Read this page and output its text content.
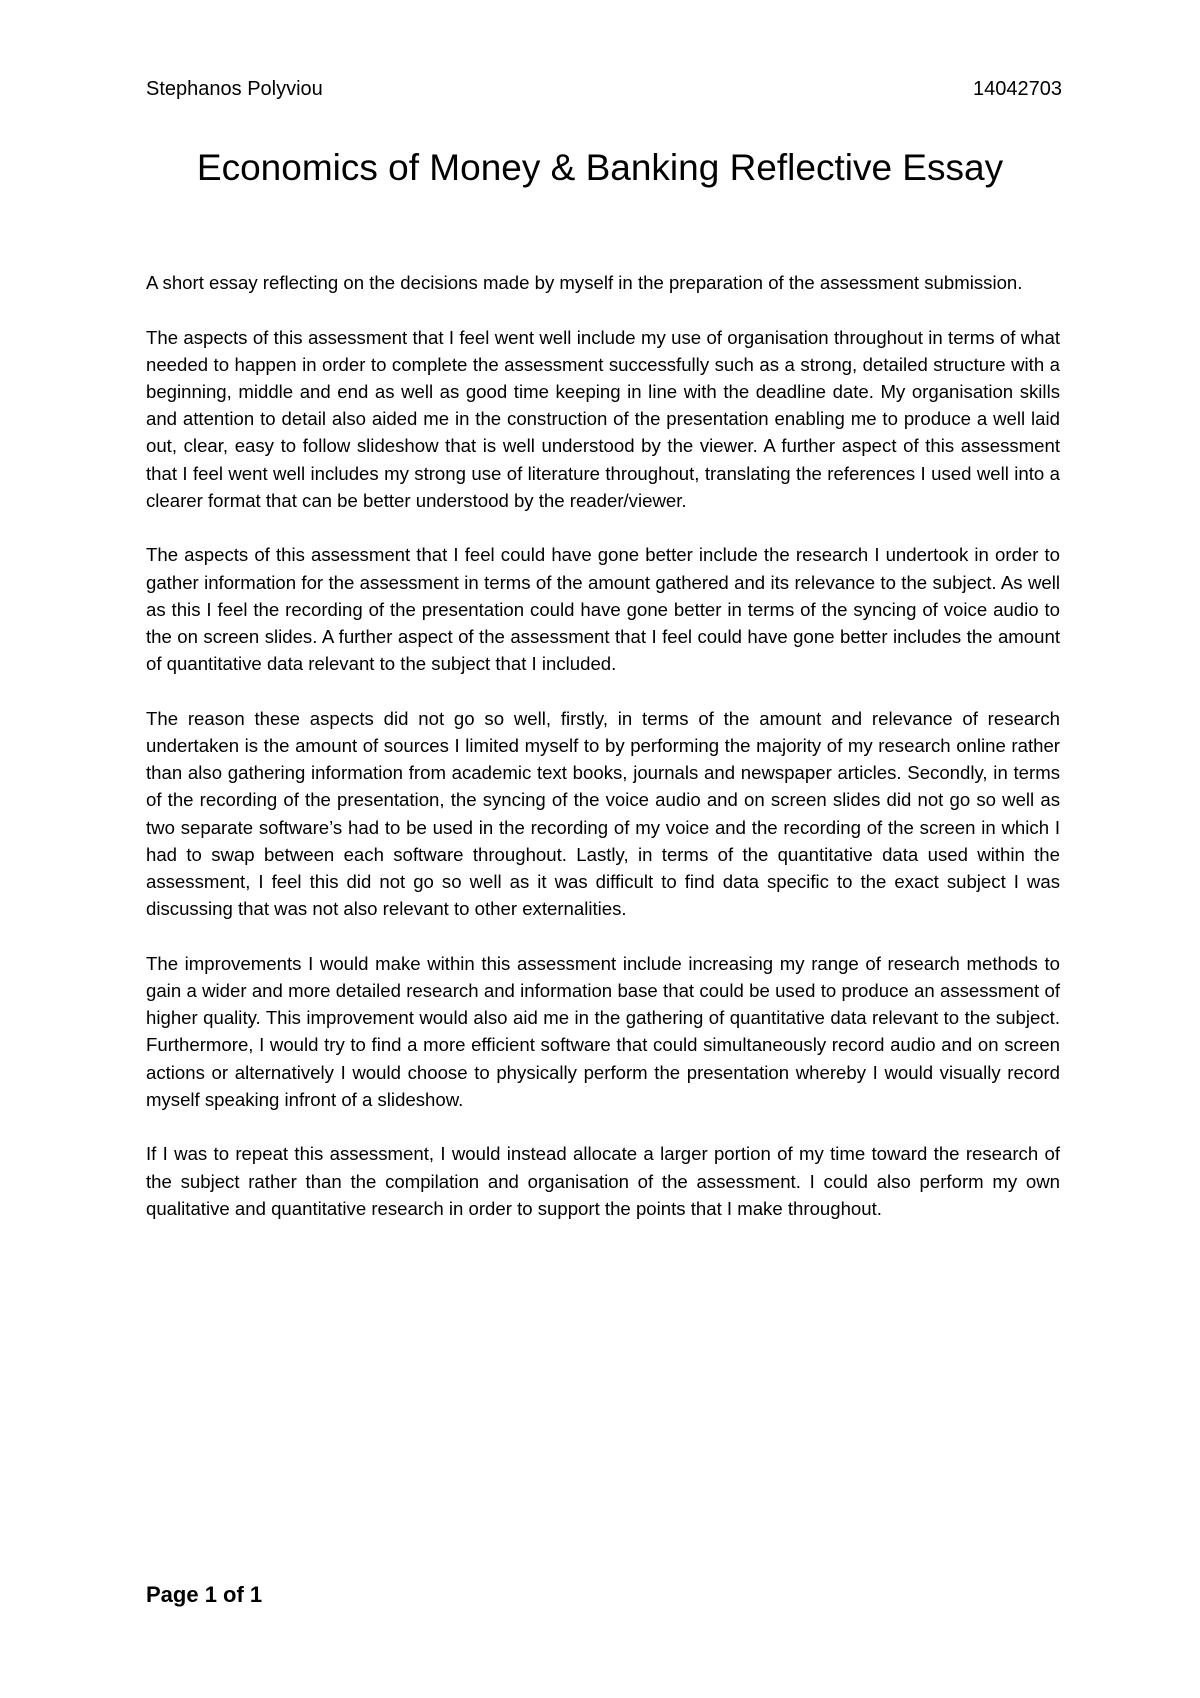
Stephanos Polyviou	14042703
Economics of Money & Banking Reflective Essay

A short essay reflecting on the decisions made by myself in the preparation of the assessment submission.

The aspects of this assessment that I feel went well include my use of organisation throughout in terms of what needed to happen in order to complete the assessment successfully such as a strong, detailed structure with a beginning, middle and end as well as good time keeping in line with the deadline date. My organisation skills and attention to detail also aided me in the construction of the presentation enabling me to produce a well laid out, clear, easy to follow slideshow that is well understood by the viewer. A further aspect of this assessment that I feel went well includes my strong use of literature throughout, translating the references I used well into a clearer format that can be better understood by the reader/viewer.

The aspects of this assessment that I feel could have gone better include the research I undertook in order to gather information for the assessment in terms of the amount gathered and its relevance to the subject. As well as this I feel the recording of the presentation could have gone better in terms of the syncing of voice audio to the on screen slides. A further aspect of the assessment that I feel could have gone better includes the amount of quantitative data relevant to the subject that I included.

The reason these aspects did not go so well, firstly, in terms of the amount and relevance of research undertaken is the amount of sources I limited myself to by performing the majority of my research online rather than also gathering information from academic text books, journals and newspaper articles. Secondly, in terms of the recording of the presentation, the syncing of the voice audio and on screen slides did not go so well as two separate software’s had to be used in the recording of my voice and the recording of the screen in which I had to swap between each software throughout. Lastly, in terms of the quantitative data used within the assessment, I feel this did not go so well as it was difficult to find data specific to the exact subject I was discussing that was not also relevant to other externalities.

The improvements I would make within this assessment include increasing my range of research methods to gain a wider and more detailed research and information base that could be used to produce an assessment of higher quality. This improvement would also aid me in the gathering of quantitative data relevant to the subject. Furthermore, I would try to find a more efficient software that could simultaneously record audio and on screen actions or alternatively I would choose to physically perform the presentation whereby I would visually record myself speaking infront of a slideshow.

If I was to repeat this assessment, I would instead allocate a larger portion of my time toward the research of the subject rather than the compilation and organisation of the assessment. I could also perform my own qualitative and quantitative research in order to support the points that I make throughout.

Page 1 of 1
